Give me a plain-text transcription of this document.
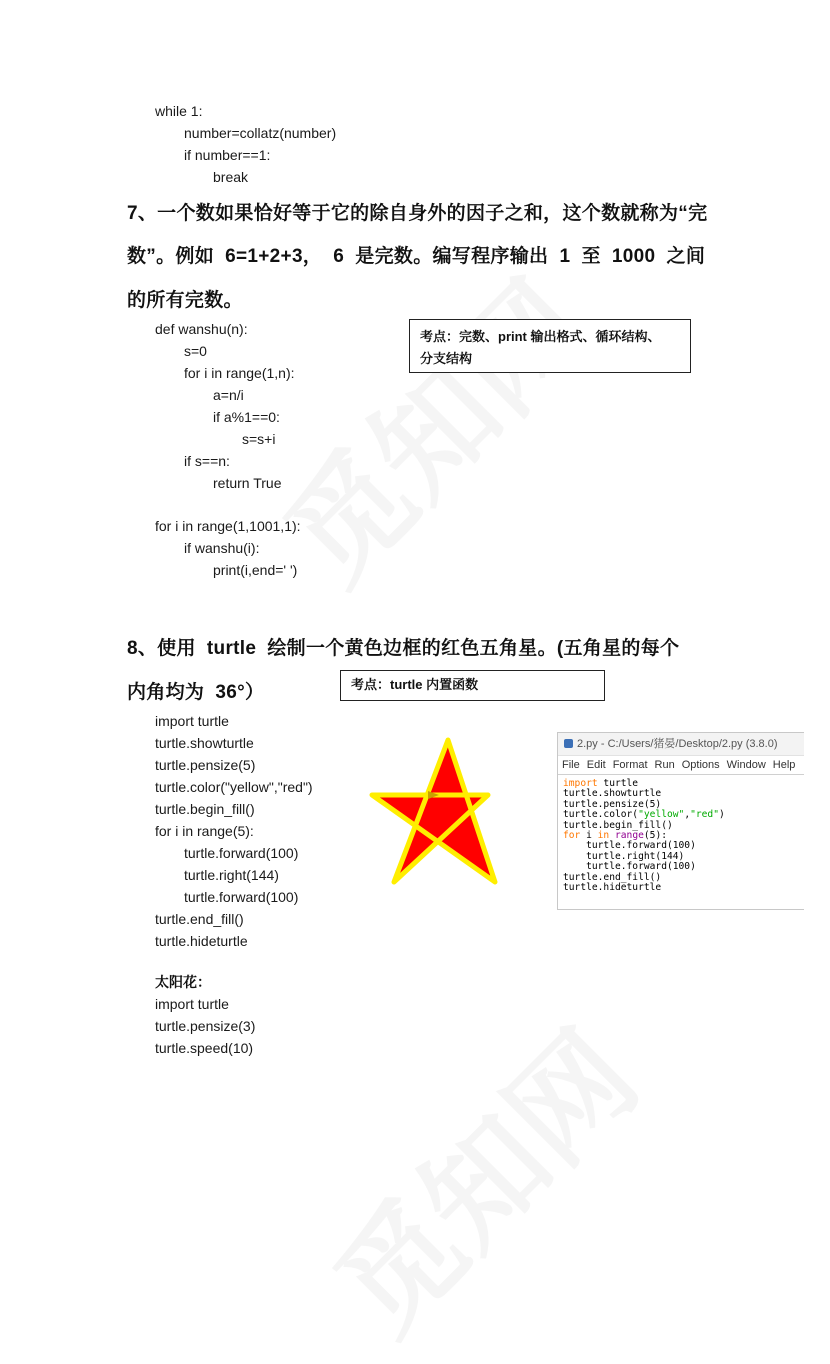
while 1:
number=collatz(number)
if number==1:
break
7、一个数如果恰好等于它的除自身外的因子之和，这个数就称为“完
数”。例如  6=1+2+3，  6  是完数。编写程序输出  1  至  1000  之间
的所有完数。
考点：完数、print 输出格式、循环结构、
分支结构
def wanshu(n):
s=0
for i in range(1,n):
a=n/i
if a%1==0:
s=s+i
if s==n:
return True
for i in range(1,1001,1):
if wanshu(i):
print(i,end=' ')
8、使用  turtle  绘制一个黄色边框的红色五角星。(五角星的每个
内角均为  36°）	考点：turtle 内置函数
import turtle
turtle.showturtle
turtle.pensize(5)
turtle.color("yellow","red")
turtle.begin_fill()
for i in range(5):
turtle.forward(100)
turtle.right(144)
turtle.forward(100)
turtle.end_fill()
turtle.hideturtle
2.py - C:/Users/猪晏/Desktop/2.py (3.8.0)
File Edit Format Run Options Window Help
import turtle
turtle.showturtle
turtle.pensize(5)
turtle.color("yellow","red")
turtle.begin_fill()
for i in range(5):
turtle.forward(100)
turtle.right(144)
turtle.forward(100)
turtle.end_fill()
turtle.hideturtle
太阳花：
import turtle
turtle.pensize(3)
turtle.speed(10)
